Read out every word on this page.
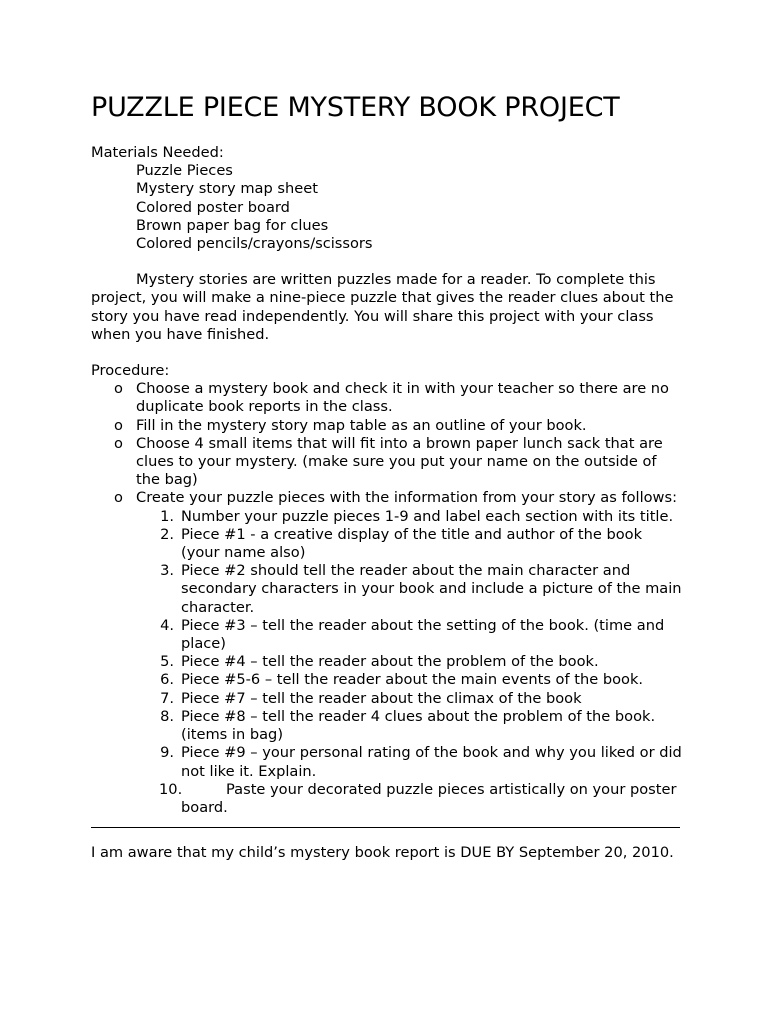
PUZZLE PIECE MYSTERY BOOK PROJECT
Materials Needed:
Puzzle Pieces
Mystery story map sheet
Colored poster board
Brown paper bag for clues
Colored pencils/crayons/scissors
Mystery stories are written puzzles made for a reader. To complete this project, you will make a nine-piece puzzle that gives the reader clues about the story you have read independently. You will share this project with your class when you have finished.
Procedure:
o Choose a mystery book and check it in with your teacher so there are no duplicate book reports in the class.
o Fill in the mystery story map table as an outline of your book.
o Choose 4 small items that will fit into a brown paper lunch sack that are clues to your mystery. (make sure you put your name on the outside of the bag)
o Create your puzzle pieces with the information from your story as follows:
1. Number your puzzle pieces 1-9 and label each section with its title.
2. Piece #1 - a creative display of the title and author of the book (your name also)
3. Piece #2 should tell the reader about the main character and secondary characters in your book and include a picture of the main character.
4. Piece #3 – tell the reader about the setting of the book. (time and place)
5. Piece #4 – tell the reader about the problem of the book.
6. Piece #5-6 – tell the reader about the main events of the book.
7. Piece #7 – tell the reader about the climax of the book
8. Piece #8 – tell the reader 4 clues about the problem of the book. (items in bag)
9. Piece #9 – your personal rating of the book and why you liked or did not like it. Explain.
10.	Paste your decorated puzzle pieces artistically on your poster board.
I am aware that my child’s mystery book report is DUE BY September 20, 2010.
